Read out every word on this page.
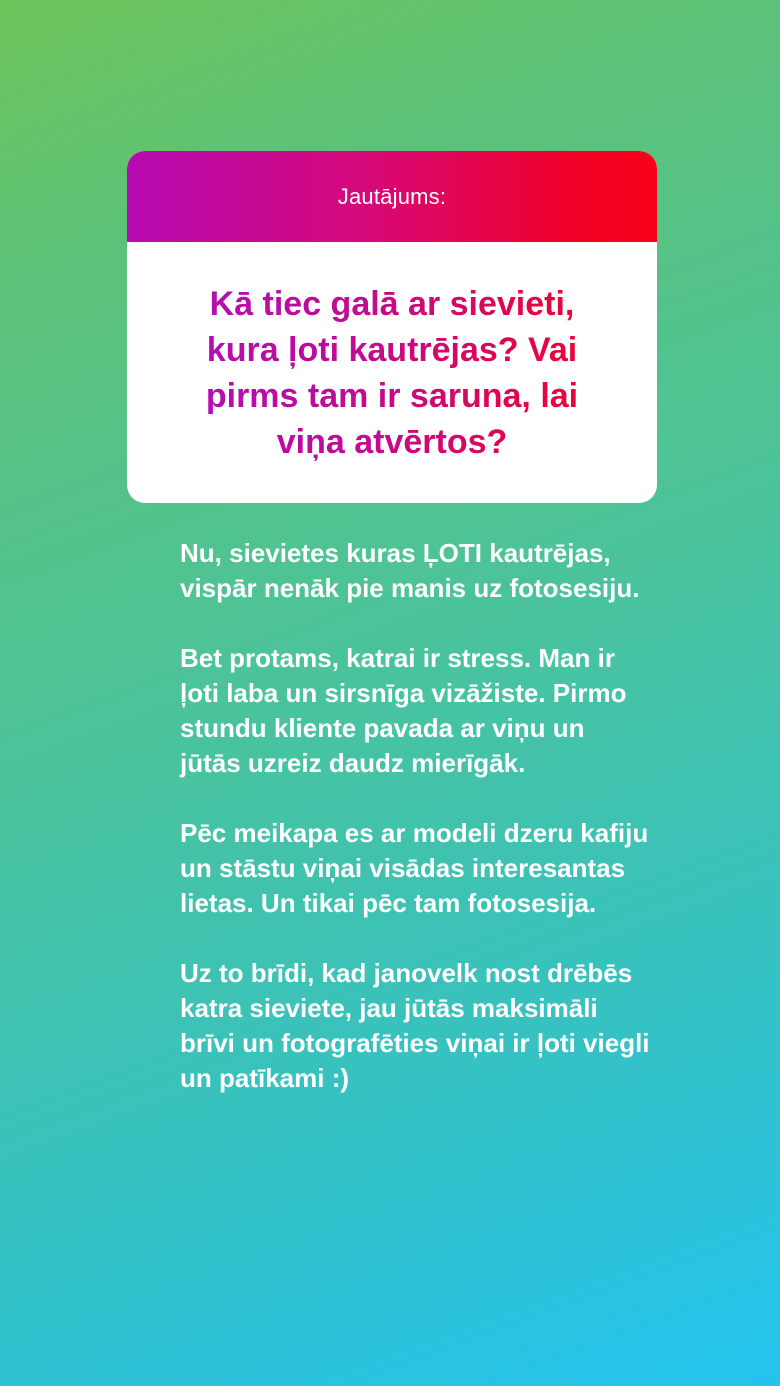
Jautājums:

Kā tiec galā ar sievieti, kura ļoti kautrējas? Vai pirms tam ir saruna, lai viņa atvērtos?

Nu, sievietes kuras ĻOTI kautrējas, vispār nenāk pie manis uz fotosesiju.

Bet protams, katrai ir stress. Man ir ļoti laba un sirsnīga vizāžiste. Pirmo stundu kliente pavada ar viņu un jūtās uzreiz daudz mierīgāk.

Pēc meikapa es ar modeli dzeru kafiju un stāstu viņai visādas interesantas lietas. Un tikai pēc tam fotosesija.

Uz to brīdi, kad janovelk nost drēbēs katra sieviete, jau jūtās maksimāli brīvi un fotografēties viņai ir ļoti viegli un patīkami :)
